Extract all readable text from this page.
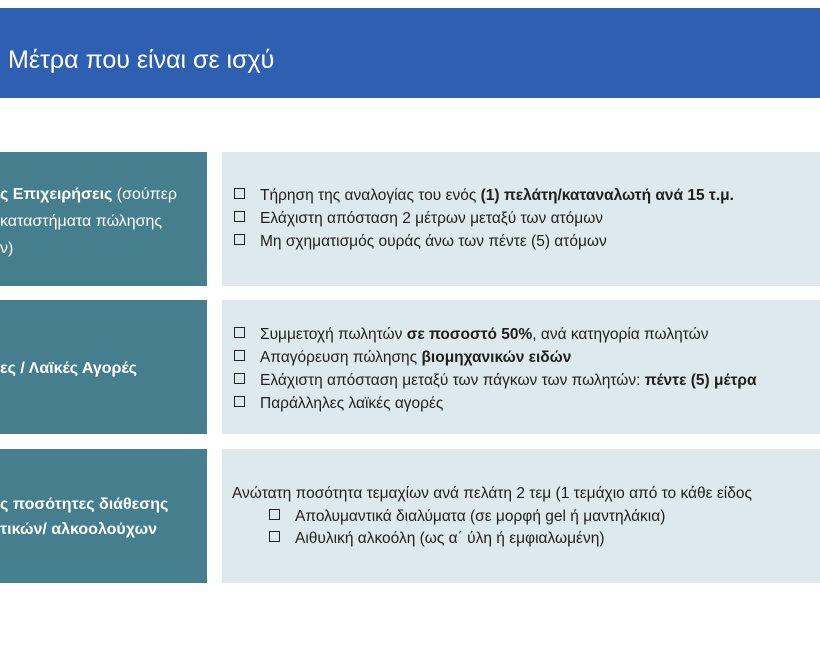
Μέτρα που είναι σε ισχύ
ς Επιχειρήσεις (σούπερ
καταστήματα πώλησης
ν)
Τήρηση της αναλογίας του ενός (1) πελάτη/καταναλωτή ανά 15 τ.μ.
Ελάχιστη απόσταση 2 μέτρων μεταξύ των ατόμων
Μη σχηματισμός ουράς άνω των πέντε (5) ατόμων
ες / Λαϊκές Αγορές
Συμμετοχή πωλητών σε ποσοστό 50%, ανά κατηγορία πωλητών
Απαγόρευση πώλησης βιομηχανικών ειδών
Ελάχιστη απόσταση μεταξύ των πάγκων των πωλητών: πέντε (5) μέτρα
Παράλληλες λαϊκές αγορές
ς ποσότητες διάθεσης
τικών/ αλκοολούχων
Ανώτατη ποσότητα τεμαχίων ανά πελάτη 2 τεμ (1 τεμάχιο από το κάθε είδος
Απολυμαντικά διαλύματα (σε μορφή gel ή μαντηλάκια)
Αιθυλική αλκοόλη (ως α΄ ύλη ή εμφιαλωμένη)
